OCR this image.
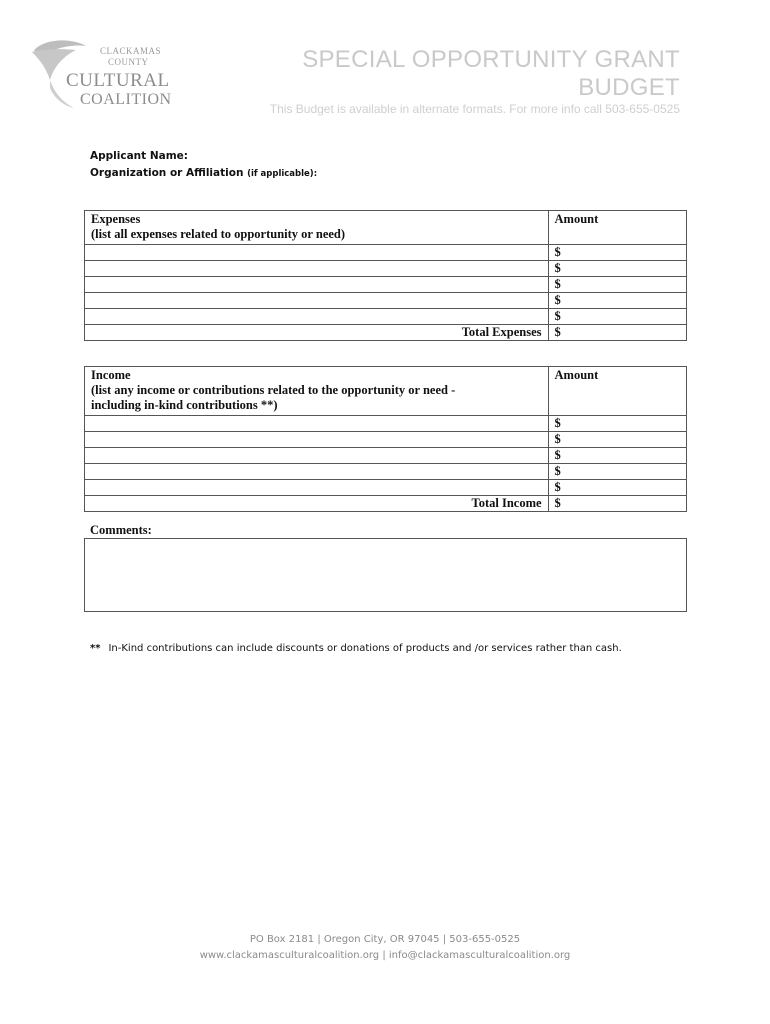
CLACKAMAS
COUNTY
CULTURAL
COALITION
SPECIAL OPPORTUNITY GRANT
BUDGET
This Budget is available in alternate formats. For more info call 503-655-0525
Applicant Name:
Organization or Affiliation (if applicable):
Expenses
(list all expenses related to opportunity or need)	Amount
	$
	$
	$
	$
	$
Total Expenses	$
Income
(list any income or contributions related to the opportunity or need -
including in-kind contributions **)	Amount
	$
	$
	$
	$
	$
Total Income	$
Comments:
** In-Kind contributions can include discounts or donations of products and /or services rather than cash.
PO Box 2181 | Oregon City, OR 97045 | 503-655-0525
www.clackamasculturalcoalition.org | info@clackamasculturalcoalition.org
